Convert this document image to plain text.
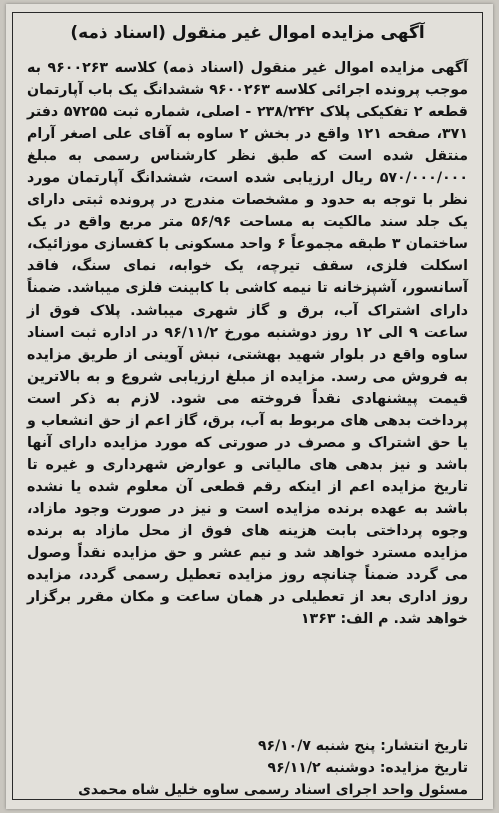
آگهی مزایده اموال غیر منقول (اسناد ذمه)

آگهی مزایده اموال غیر منقول (اسناد ذمه) کلاسه ۹۶۰۰۲۶۳ به موجب پرونده اجرائی کلاسه ۹۶۰۰۲۶۳ ششدانگ یک باب آپارتمان قطعه ۲ تفکیکی پلاک ۲۳۸/۲۴۲ - اصلی، شماره ثبت ۵۷۲۵۵ دفتر ۳۷۱، صفحه ۱۲۱ واقع در بخش ۲ ساوه به آقای علی اصغر آرام منتقل شده است که طبق نظر کارشناس رسمی به مبلغ ۵۷۰/۰۰۰/۰۰۰ ریال ارزیابی شده است، ششدانگ آپارتمان مورد نظر با توجه به حدود و مشخصات مندرج در پرونده ثبتی دارای یک جلد سند مالکیت به مساحت ۵۶/۹۶ متر مربع واقع در یک ساختمان ۳ طبقه مجموعاً ۶ واحد مسکونی با کفسازی موزائیک، اسکلت فلزی، سقف تیرچه، یک خوابه، نمای سنگ، فاقد آسانسور، آشپزخانه تا نیمه کاشی با کابینت فلزی میباشد. ضمناً دارای اشتراک آب، برق و گاز شهری میباشد. پلاک فوق از ساعت ۹ الی ۱۲ روز دوشنبه مورخ ۹۶/۱۱/۲ در اداره ثبت اسناد ساوه واقع در بلوار شهید بهشتی، نبش آوینی از طریق مزایده به فروش می رسد. مزایده از مبلغ ارزیابی شروع و به بالاترین قیمت پیشنهادی نقداً فروخته می شود. لازم به ذکر است پرداخت بدهی های مربوط به آب، برق، گاز اعم از حق انشعاب و یا حق اشتراک و مصرف در صورتی که مورد مزایده دارای آنها باشد و نیز بدهی های مالیاتی و عوارض شهرداری و غیره تا تاریخ مزایده اعم از اینکه رقم قطعی آن معلوم شده یا نشده باشد به عهده برنده مزایده است و نیز در صورت وجود مازاد، وجوه پرداختی بابت هزینه های فوق از محل مازاد به برنده مزایده مسترد خواهد شد و نیم عشر و حق مزایده نقداً وصول می گردد ضمناً چنانچه روز مزایده تعطیل رسمی گردد، مزایده روز اداری بعد از تعطیلی در همان ساعت و مکان مقرر برگزار خواهد شد. م الف: ۱۳۶۳

تاریخ انتشار: پنج شنبه ۹۶/۱۰/۷
تاریخ مزایده: دوشنبه ۹۶/۱۱/۲
مسئول واحد اجرای اسناد رسمی ساوه خلیل شاه محمدی
